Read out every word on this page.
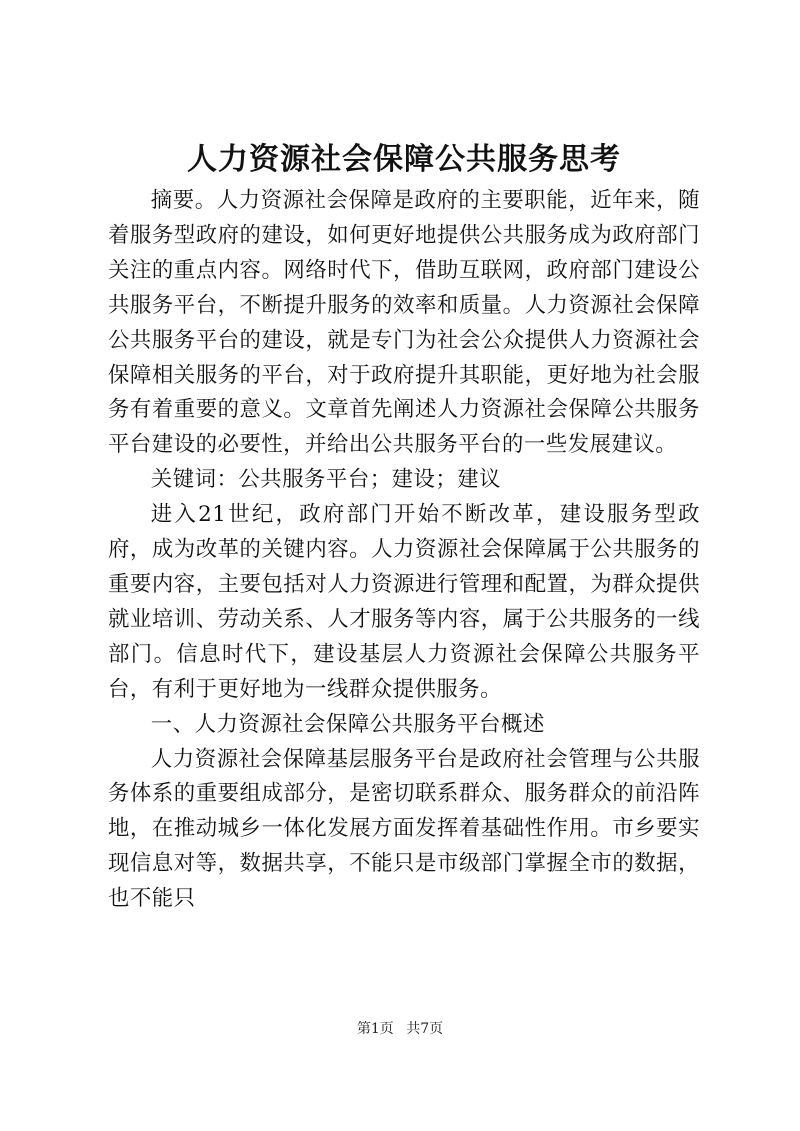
人力资源社会保障公共服务思考

摘要。人力资源社会保障是政府的主要职能，近年来，随着服务型政府的建设，如何更好地提供公共服务成为政府部门关注的重点内容。网络时代下，借助互联网，政府部门建设公共服务平台，不断提升服务的效率和质量。人力资源社会保障公共服务平台的建设，就是专门为社会公众提供人力资源社会保障相关服务的平台，对于政府提升其职能，更好地为社会服务有着重要的意义。文章首先阐述人力资源社会保障公共服务平台建设的必要性，并给出公共服务平台的一些发展建议。

关键词：公共服务平台；建设；建议

进入21世纪，政府部门开始不断改革，建设服务型政府，成为改革的关键内容。人力资源社会保障属于公共服务的重要内容，主要包括对人力资源进行管理和配置，为群众提供就业培训、劳动关系、人才服务等内容，属于公共服务的一线部门。信息时代下，建设基层人力资源社会保障公共服务平台，有利于更好地为一线群众提供服务。

一、人力资源社会保障公共服务平台概述

人力资源社会保障基层服务平台是政府社会管理与公共服务体系的重要组成部分，是密切联系群众、服务群众的前沿阵地，在推动城乡一体化发展方面发挥着基础性作用。市乡要实现信息对等，数据共享，不能只是市级部门掌握全市的数据，也不能只

第1页 共7页
